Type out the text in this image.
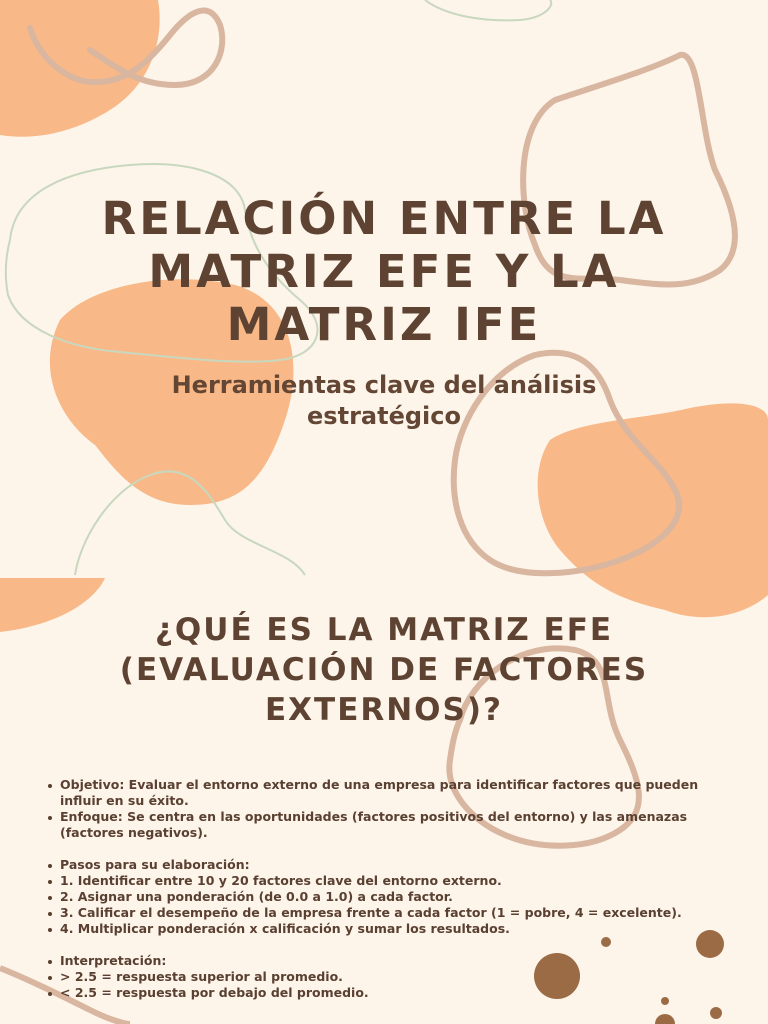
RELACIÓN ENTRE LA MATRIZ EFE Y LA MATRIZ IFE
Herramientas clave del análisis estratégico
¿QUÉ ES LA MATRIZ EFE (EVALUACIÓN DE FACTORES EXTERNOS)?
Objetivo: Evaluar el entorno externo de una empresa para identificar factores que pueden influir en su éxito.
Enfoque: Se centra en las oportunidades (factores positivos del entorno) y las amenazas (factores negativos).
Pasos para su elaboración:
1. Identificar entre 10 y 20 factores clave del entorno externo.
2. Asignar una ponderación (de 0.0 a 1.0) a cada factor.
3. Calificar el desempeño de la empresa frente a cada factor (1 = pobre, 4 = excelente).
4. Multiplicar ponderación x calificación y sumar los resultados.
Interpretación:
> 2.5 = respuesta superior al promedio.
< 2.5 = respuesta por debajo del promedio.
